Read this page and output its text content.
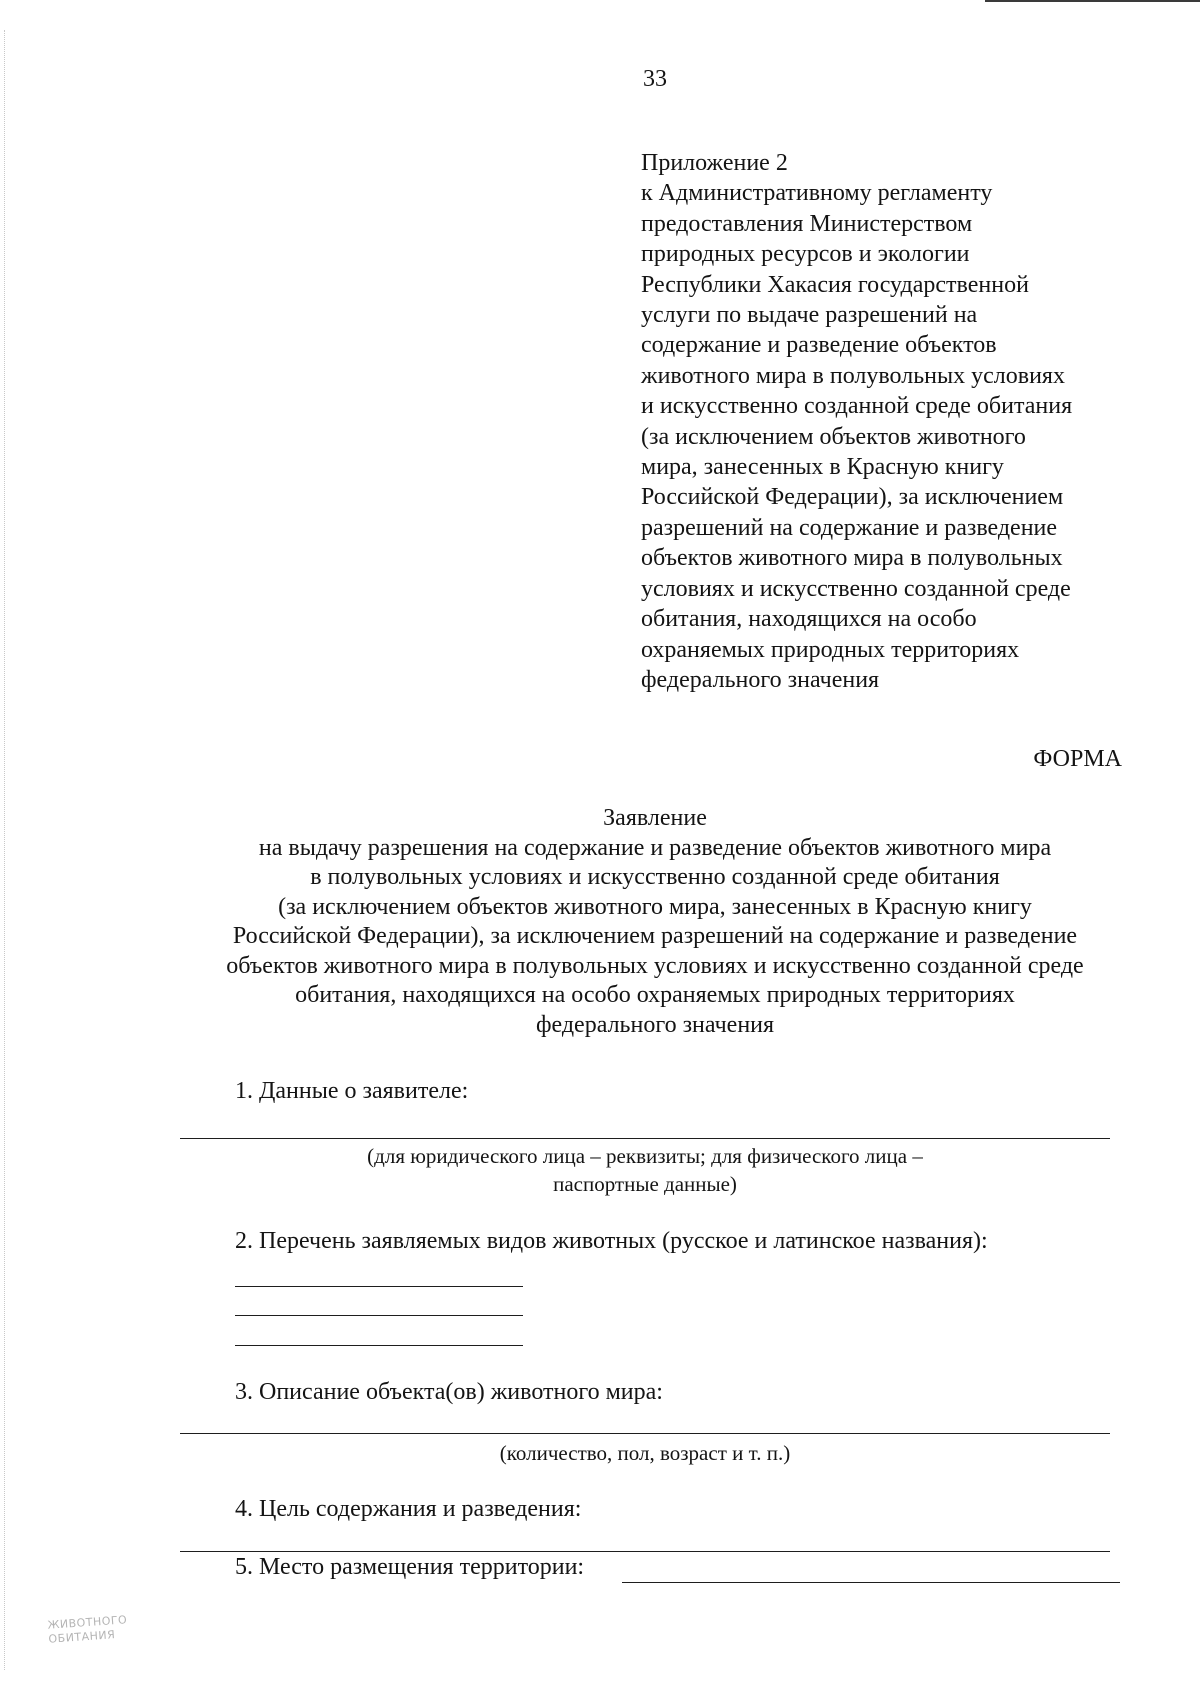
33
Приложение 2
к Административному регламенту
предоставления Министерством
природных ресурсов и экологии
Республики Хакасия государственной
услуги по выдаче разрешений на
содержание и разведение объектов
животного мира в полувольных условиях
и искусственно созданной среде обитания
(за исключением объектов животного
мира, занесенных в Красную книгу
Российской Федерации), за исключением
разрешений на содержание и разведение
объектов животного мира в полувольных
условиях и искусственно созданной среде
обитания, находящихся на особо
охраняемых природных территориях
федерального значения
ФОРМА
Заявление
на выдачу разрешения на содержание и разведение объектов животного мира
в полувольных условиях и искусственно созданной среде обитания
(за исключением объектов животного мира, занесенных в Красную книгу
Российской Федерации), за исключением разрешений на содержание и разведение
объектов животного мира в полувольных условиях и искусственно созданной среде
обитания, находящихся на особо охраняемых природных территориях
федерального значения
1. Данные о заявителе:
(для юридического лица – реквизиты; для физического лица –
паспортные данные)
2. Перечень заявляемых видов животных (русское и латинское названия):
3. Описание объекта(ов) животного мира:
(количество, пол, возраст и т. п.)
4. Цель содержания и разведения:
5. Место размещения территории:
ЖИВОТНОГО
ОБИТАНИЯ
